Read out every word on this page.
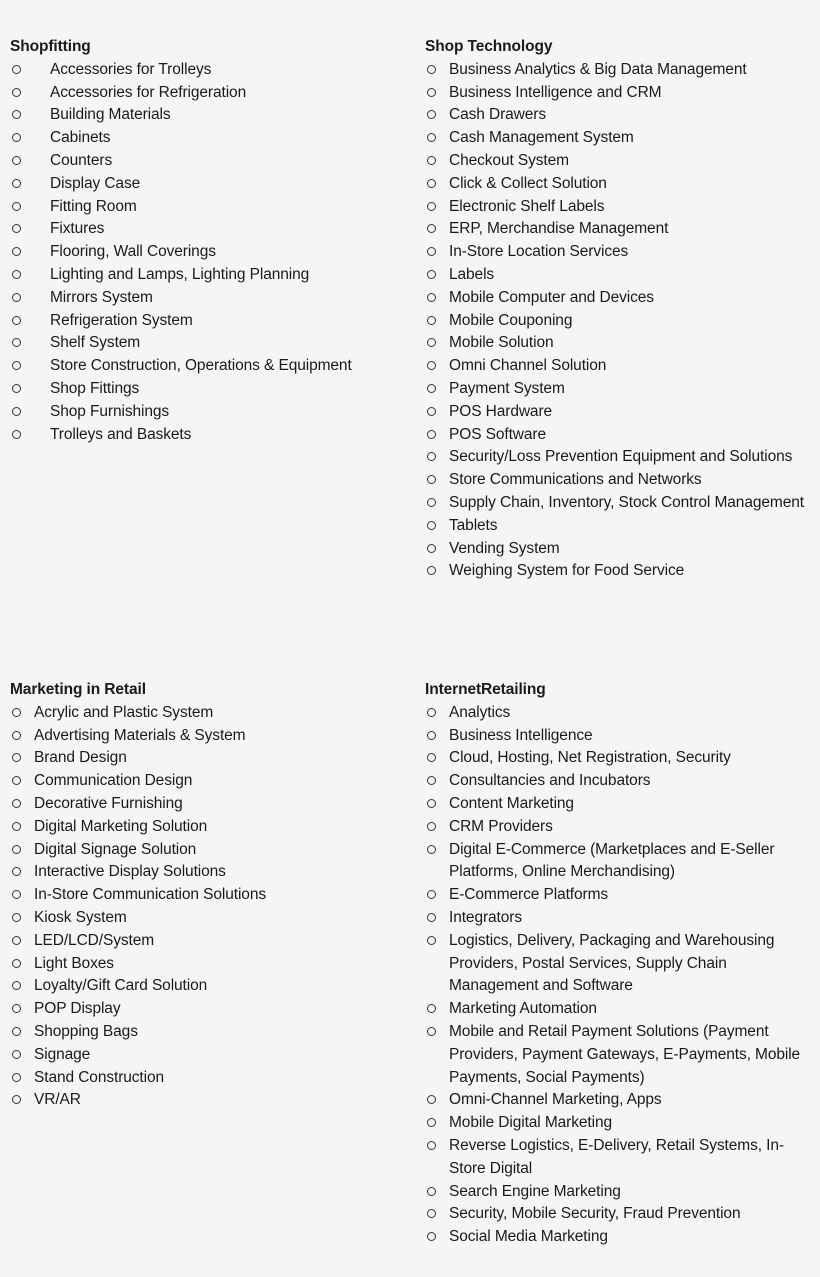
Shopfitting
Accessories for Trolleys
Accessories for Refrigeration
Building Materials
Cabinets
Counters
Display Case
Fitting Room
Fixtures
Flooring, Wall Coverings
Lighting and Lamps, Lighting Planning
Mirrors System
Refrigeration System
Shelf System
Store Construction, Operations & Equipment
Shop Fittings
Shop Furnishings
Trolleys and Baskets
Shop Technology
Business Analytics & Big Data Management
Business Intelligence and CRM
Cash Drawers
Cash Management System
Checkout System
Click & Collect Solution
Electronic Shelf Labels
ERP, Merchandise Management
In-Store Location Services
Labels
Mobile Computer and Devices
Mobile Couponing
Mobile Solution
Omni Channel Solution
Payment System
POS Hardware
POS Software
Security/Loss Prevention Equipment and Solutions
Store Communications and Networks
Supply Chain, Inventory, Stock Control Management
Tablets
Vending System
Weighing System for Food Service
Marketing in Retail
Acrylic and Plastic System
Advertising Materials & System
Brand Design
Communication Design
Decorative Furnishing
Digital Marketing Solution
Digital Signage Solution
Interactive Display Solutions
In-Store Communication Solutions
Kiosk System
LED/LCD/System
Light Boxes
Loyalty/Gift Card Solution
POP Display
Shopping Bags
Signage
Stand Construction
VR/AR
InternetRetailing
Analytics
Business Intelligence
Cloud, Hosting, Net Registration, Security
Consultancies and Incubators
Content Marketing
CRM Providers
Digital E-Commerce (Marketplaces and E-Seller Platforms, Online Merchandising)
E-Commerce Platforms
Integrators
Logistics, Delivery, Packaging and Warehousing Providers, Postal Services, Supply Chain Management and Software
Marketing Automation
Mobile and Retail Payment Solutions (Payment Providers, Payment Gateways, E-Payments, Mobile Payments, Social Payments)
Omni-Channel Marketing, Apps
Mobile Digital Marketing
Reverse Logistics, E-Delivery, Retail Systems, In-Store Digital
Search Engine Marketing
Security, Mobile Security, Fraud Prevention
Social Media Marketing
